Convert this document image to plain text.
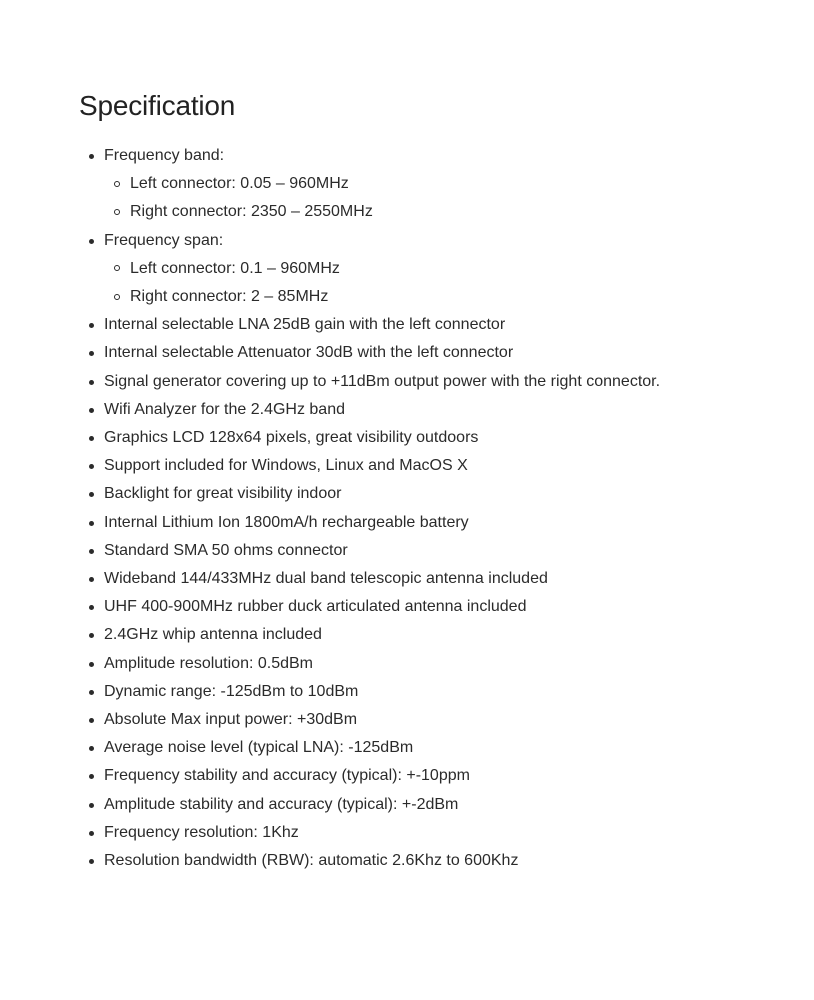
Specification
Frequency band:
Left connector: 0.05 – 960MHz
Right connector: 2350 – 2550MHz
Frequency span:
Left connector: 0.1 – 960MHz
Right connector: 2 – 85MHz
Internal selectable LNA 25dB gain with the left connector
Internal selectable Attenuator 30dB with the left connector
Signal generator covering up to +11dBm output power with the right connector.
Wifi Analyzer for the 2.4GHz band
Graphics LCD 128x64 pixels, great visibility outdoors
Support included for Windows, Linux and MacOS X
Backlight for great visibility indoor
Internal Lithium Ion 1800mA/h rechargeable battery
Standard SMA 50 ohms connector
Wideband 144/433MHz dual band telescopic antenna included
UHF 400-900MHz rubber duck articulated antenna included
2.4GHz whip antenna included
Amplitude resolution: 0.5dBm
Dynamic range: -125dBm to 10dBm
Absolute Max input power: +30dBm
Average noise level (typical LNA): -125dBm
Frequency stability and accuracy (typical): +-10ppm
Amplitude stability and accuracy (typical): +-2dBm
Frequency resolution: 1Khz
Resolution bandwidth (RBW): automatic 2.6Khz to 600Khz
